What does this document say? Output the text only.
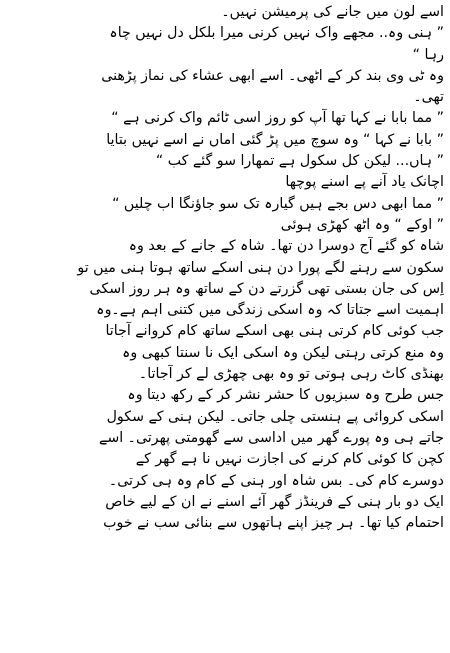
اسے لون میں جانے کی پرمیشن نہیں۔
” ہنی وہ.. مجھے واک نہیں کرنی میرا بلکل دل نہیں چاہ
رہا “
وہ ٹی وی بند کر کے اٹھی۔ اسے ابھی عشاء کی نماز پڑھنی
تھی۔
” مما بابا نے کہا تھا آپ کو روز اسی ٹائم واک کرنی ہے “
” بابا نے کہا “ وہ سوچ میں پڑ گئی اماں نے اسے نہیں بتایا
” ہاں... لیکن کل سکول ہے تمھارا سو گئے کب “
اچانک یاد آنے پے اسنے پوچھا
” مما ابھی دس بجے ہیں گیارہ تک سو جاؤنگا اب چلیں “
” اوکے “ وہ اٹھ کھڑی ہوئی
شاہ کو گئے آج دوسرا دن تھا۔ شاہ کے جانے کے بعد وہ
سکون سے رہنے لگے پورا دن ہنی اسکے ساتھ ہوتا ہنی میں تو
اِس کی جان بستی تھی گزرتے دن کے ساتھ وہ ہر روز اسکی
اہمیت اسے جتاتا کہ وہ اسکی زندگی میں کتنی اہم ہے۔وہ
جب کوئی کام کرتی ہنی بھی اسکے ساتھ کام کروانے آجاتا
وہ منع کرتی رہتی لیکن وہ اسکی ایک نا سنتا کبھی وہ
بھنڈی کاٹ رہی ہوتی تو وہ بھی چھڑی لے کر آجاتا۔
جس طرح وہ سبزیوں کا حشر نشر کر کے رکھ دیتا وہ
اسکی کروائی پے ہنستی چلی جاتی۔ لیکن ہنی کے سکول
جاتے ہی وہ پورے گھر میں اداسی سے گھومتی پھرتی۔ اسے
کچن کا کوئی کام کرنے کی اجازت نہیں نا ہے گھر کے
دوسرے کام کی۔ بس شاہ اور ہنی کے کام وہ ہی کرتی۔
ایک دو بار ہنی کے فرینڈز گھر آئے اسنے نے ان کے لیے خاص
احتمام کیا تھا۔ ہر چیز اپنے ہاتھوں سے بنائی سب نے خوب
